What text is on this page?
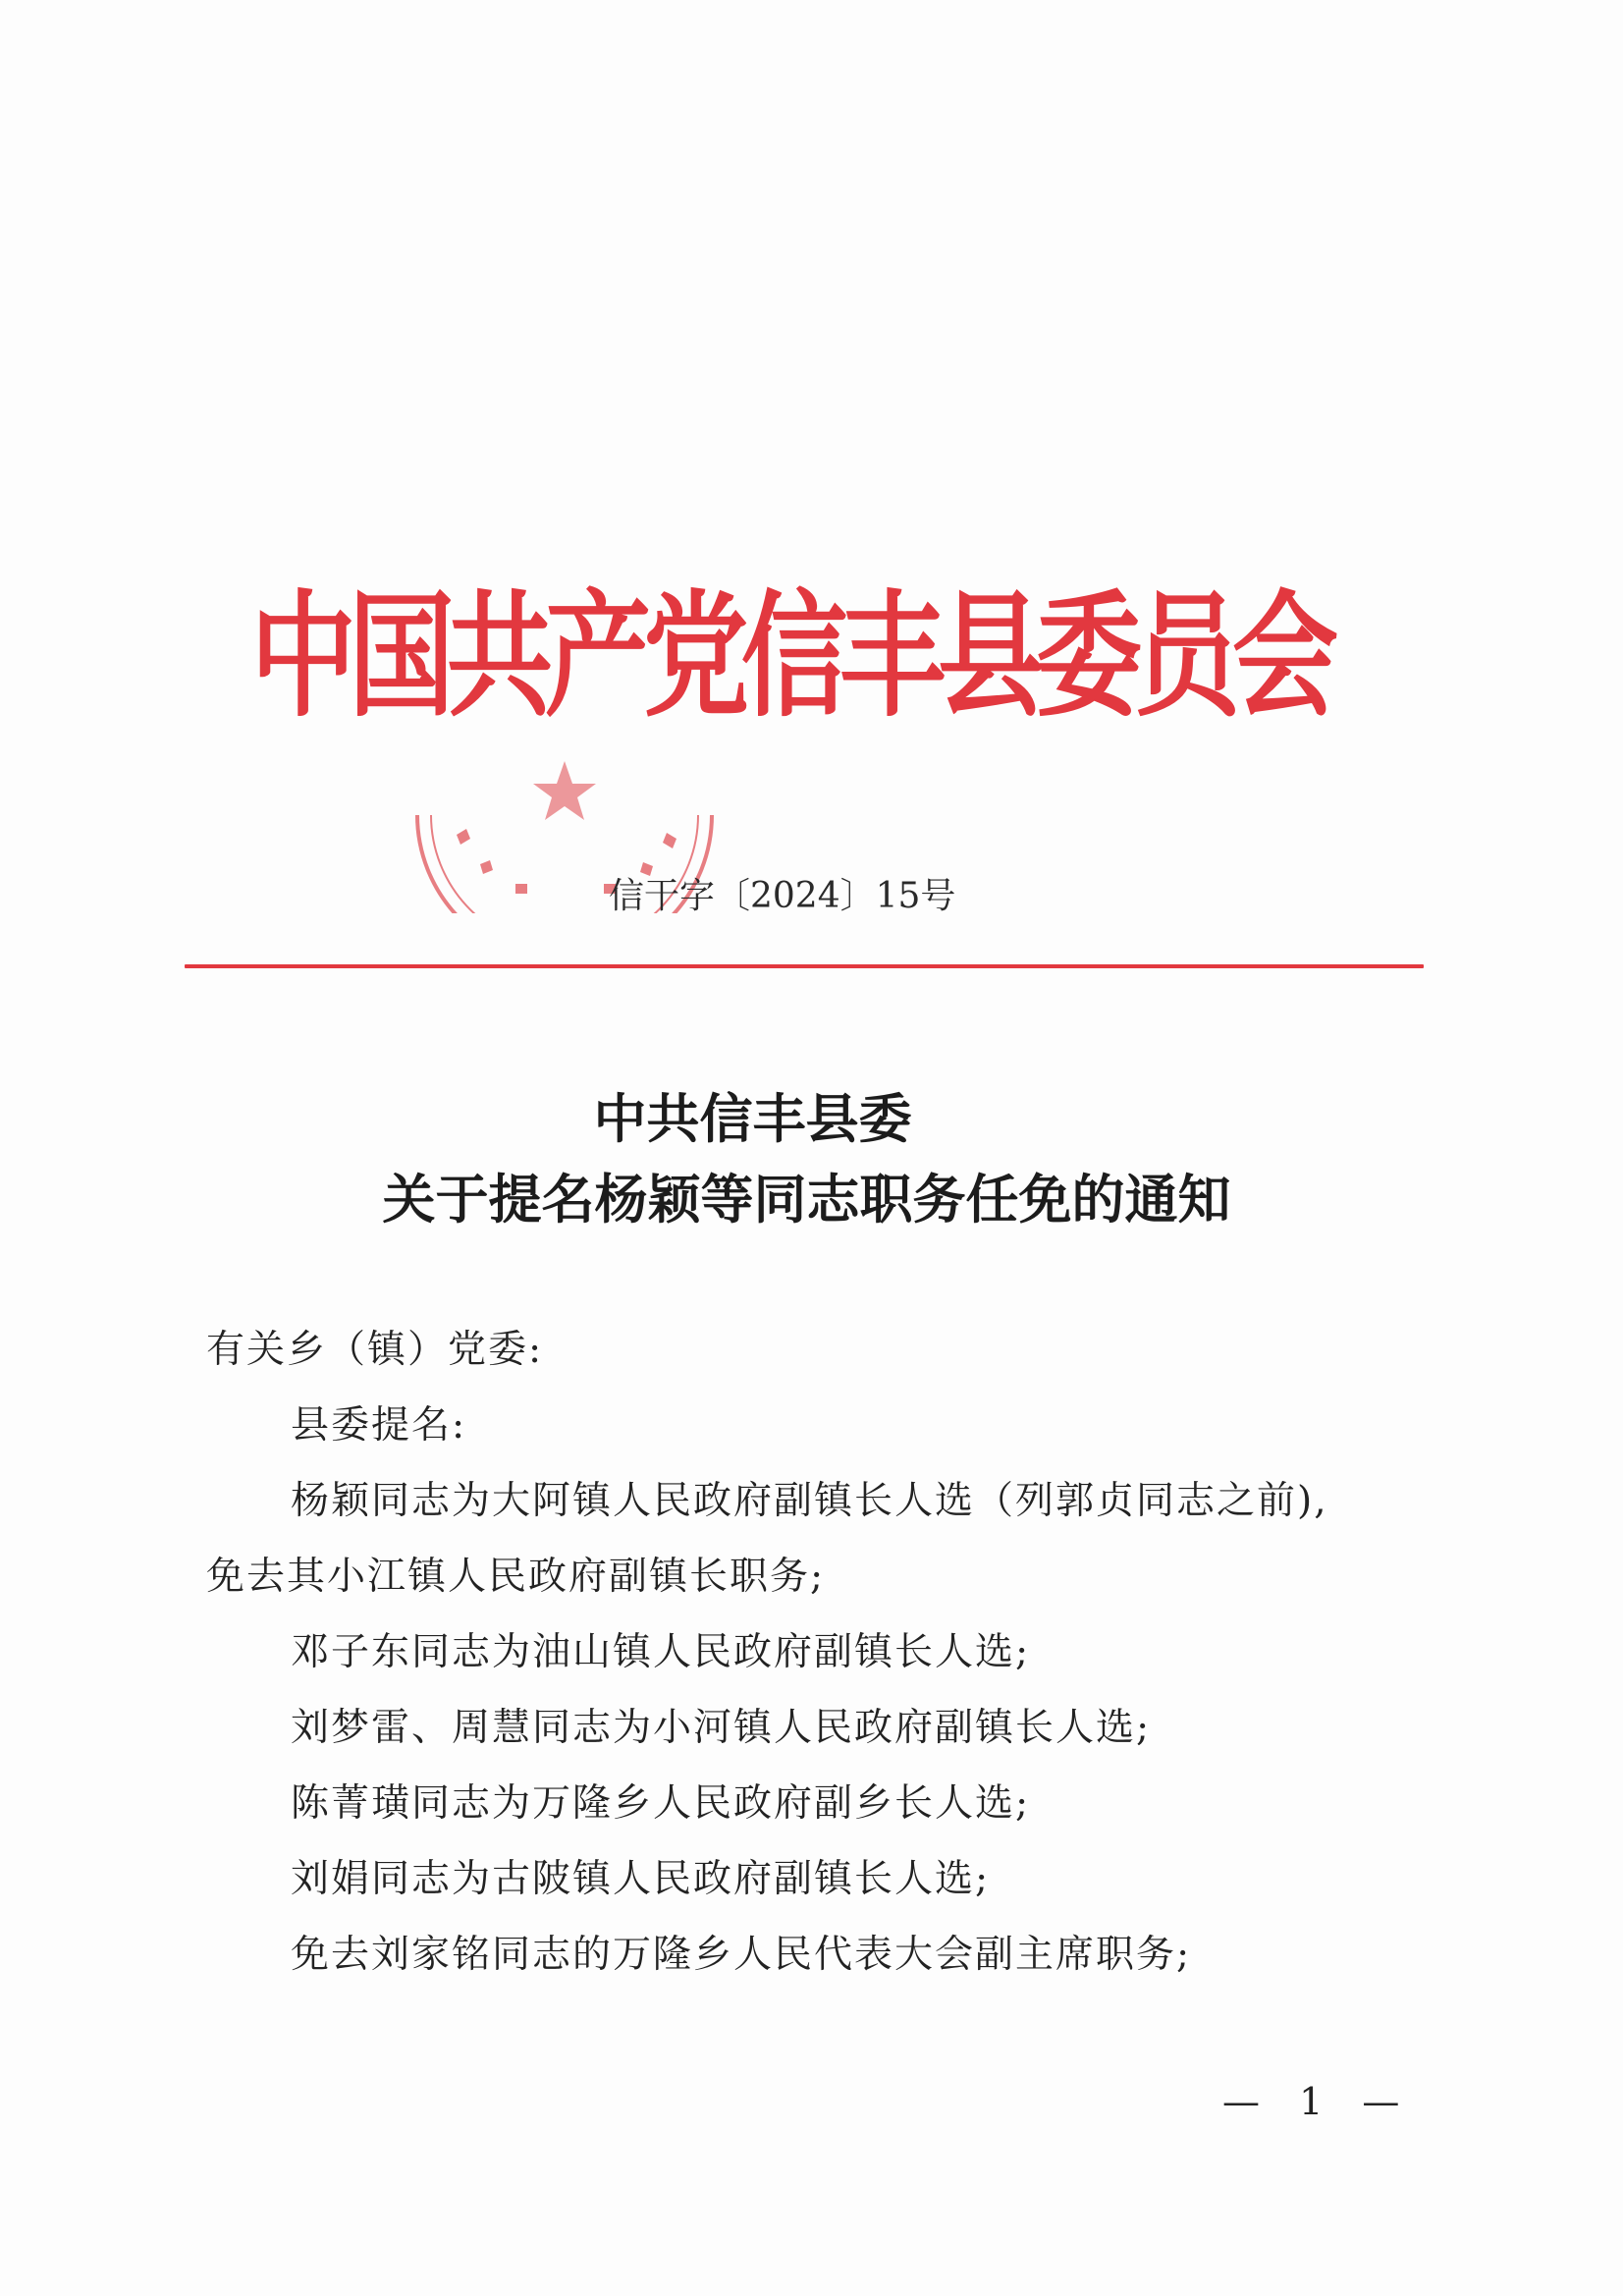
中国共产党信丰县委员会
信干字〔2024〕15号
中共信丰县委
关于提名杨颖等同志职务任免的通知
有关乡（镇）党委:
县委提名:
杨颖同志为大阿镇人民政府副镇长人选（列郭贞同志之前),
免去其小江镇人民政府副镇长职务;
邓子东同志为油山镇人民政府副镇长人选;
刘梦雷、周慧同志为小河镇人民政府副镇长人选;
陈菁璜同志为万隆乡人民政府副乡长人选;
刘娟同志为古陂镇人民政府副镇长人选;
免去刘家铭同志的万隆乡人民代表大会副主席职务;
— 1 —
